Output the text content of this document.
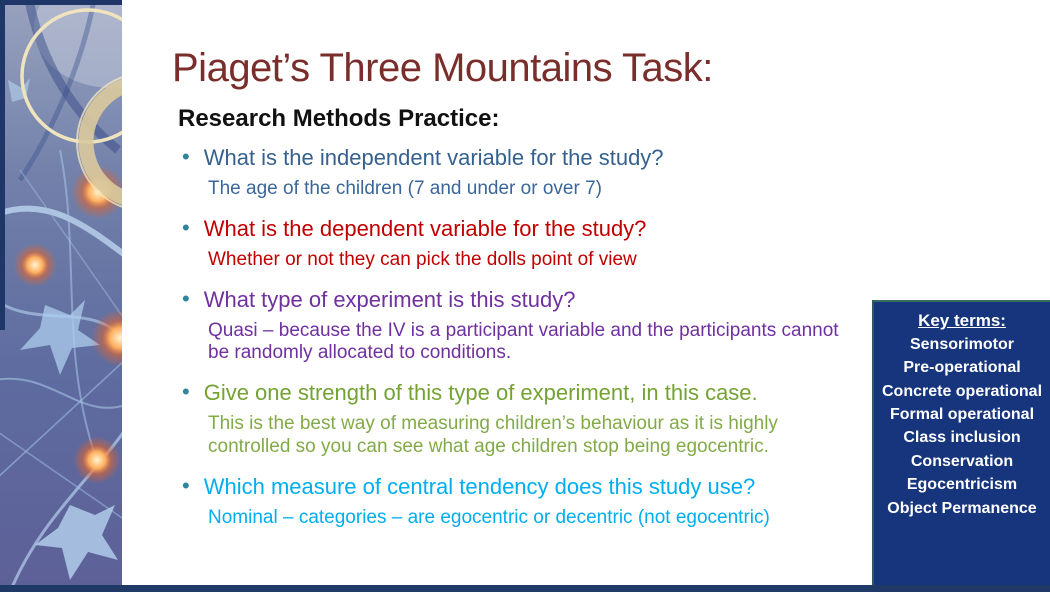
Piaget’s Three Mountains Task:
Research Methods Practice:
• What is the independent variable for the study?
The age of the children (7 and under or over 7)
• What is the dependent variable for the study?
Whether or not they can pick the dolls point of view
• What type of experiment is this study?
Quasi – because the IV is a participant variable and the participants cannot be randomly allocated to conditions.
• Give one strength of this type of experiment, in this case.
This is the best way of measuring children’s behaviour as it is highly controlled so you can see what age children stop being egocentric.
• Which measure of central tendency does this study use?
Nominal – categories – are egocentric or decentric (not egocentric)
Key terms:
Sensorimotor
Pre-operational
Concrete operational
Formal operational
Class inclusion
Conservation
Egocentricism
Object Permanence
